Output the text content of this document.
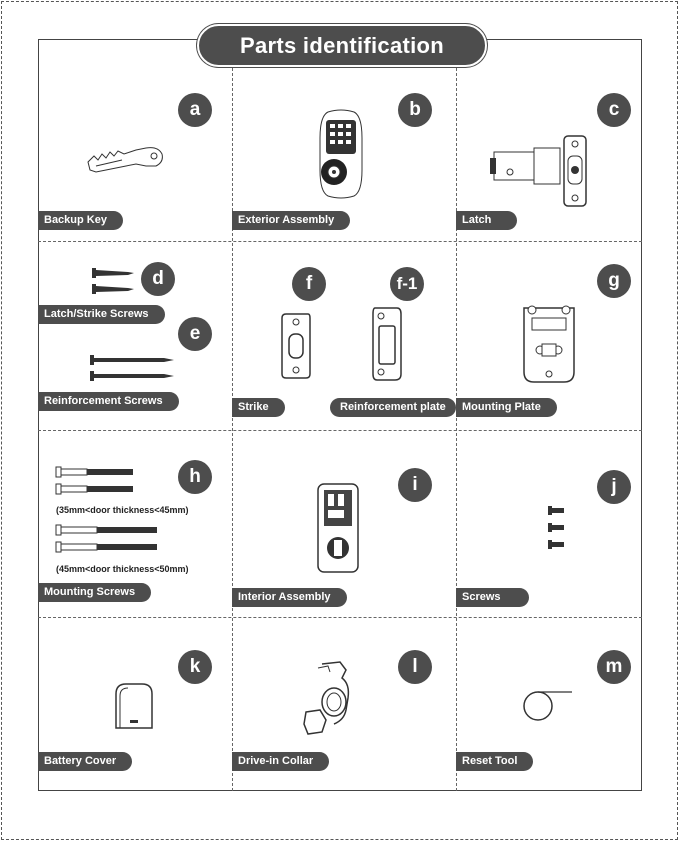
Parts identification
a	b	c
d
e
f	f-1	g
h	i	j
k	l	m
Backup Key	Exterior Assembly	Latch
Latch/Strike Screws
Reinforcement Screws	Strike	Reinforcement plate	Mounting Plate
Mounting Screws	Interior Assembly	Screws
Battery Cover	Drive-in Collar	Reset Tool
(35mm<door thickness<45mm)
(45mm<door thickness<50mm)
